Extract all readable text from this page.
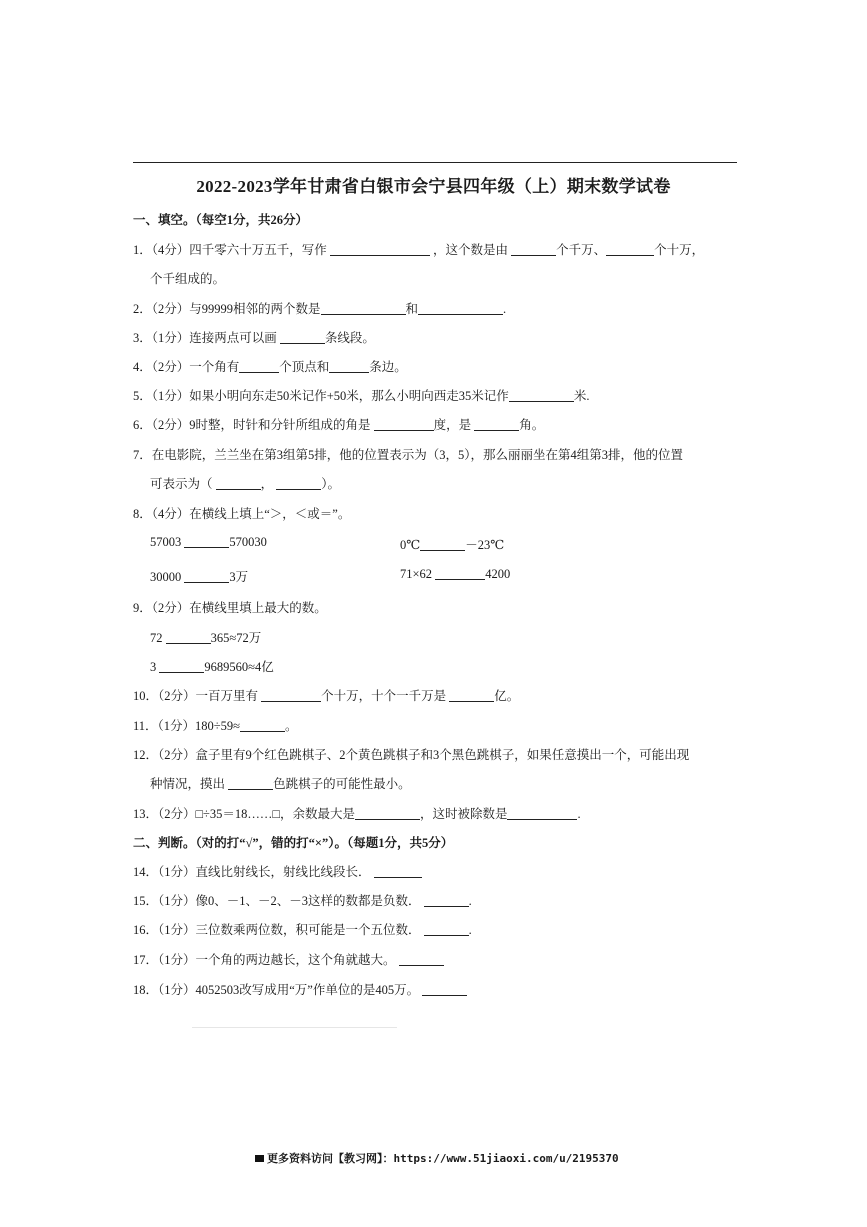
2022-2023学年甘肃省白银市会宁县四年级（上）期末数学试卷
一、填空。（每空1分，共26分）
1．（4分）四千零六十万五千，写作	，这个数是由	个千万、	个十万，
个千组成的。
2．（2分）与99999相邻的两个数是	和	.
3．（1分）连接两点可以画	条线段。
4．（2分）一个角有	个顶点和	条边。
5．（1分）如果小明向东走50米记作+50米，那么小明向西走35米记作	米.
6．（2分）9时整，时针和分针所组成的角是	度，是	角。
7．在电影院，兰兰坐在第3组第5排，他的位置表示为（3，5），那么丽丽坐在第4组第3排，他的位置
可表示为（	，	）。
8．（4分）在横线上填上“＞，＜或＝”。
57003	570030	0℃	－23℃
30000	3万	71×62	4200
9．（2分）在横线里填上最大的数。
72	365≈72万
3	9689560≈4亿
10．（2分）一百万里有	个十万，十个一千万是	亿。
11．（1分）180÷59≈	。
12．（2分）盒子里有9个红色跳棋子、2个黄色跳棋子和3个黑色跳棋子，如果任意摸出一个，可能出现
种情况，摸出	色跳棋子的可能性最小。
13．（2分）□÷35＝18……□，余数最大是	，这时被除数是	.
二、判断。（对的打“√”，错的打“×”）。（每题1分，共5分）
14．（1分）直线比射线长，射线比线段长．
15．（1分）像0、－1、－2、－3这样的数都是负数．	.
16．（1分）三位数乘两位数，积可能是一个五位数．	.
17．（1分）一个角的两边越长，这个角就越大。
18．（1分）4052503改写成用“万”作单位的是405万。
更多资料访问【教习网】：https://www.51jiaoxi.com/u/2195370
